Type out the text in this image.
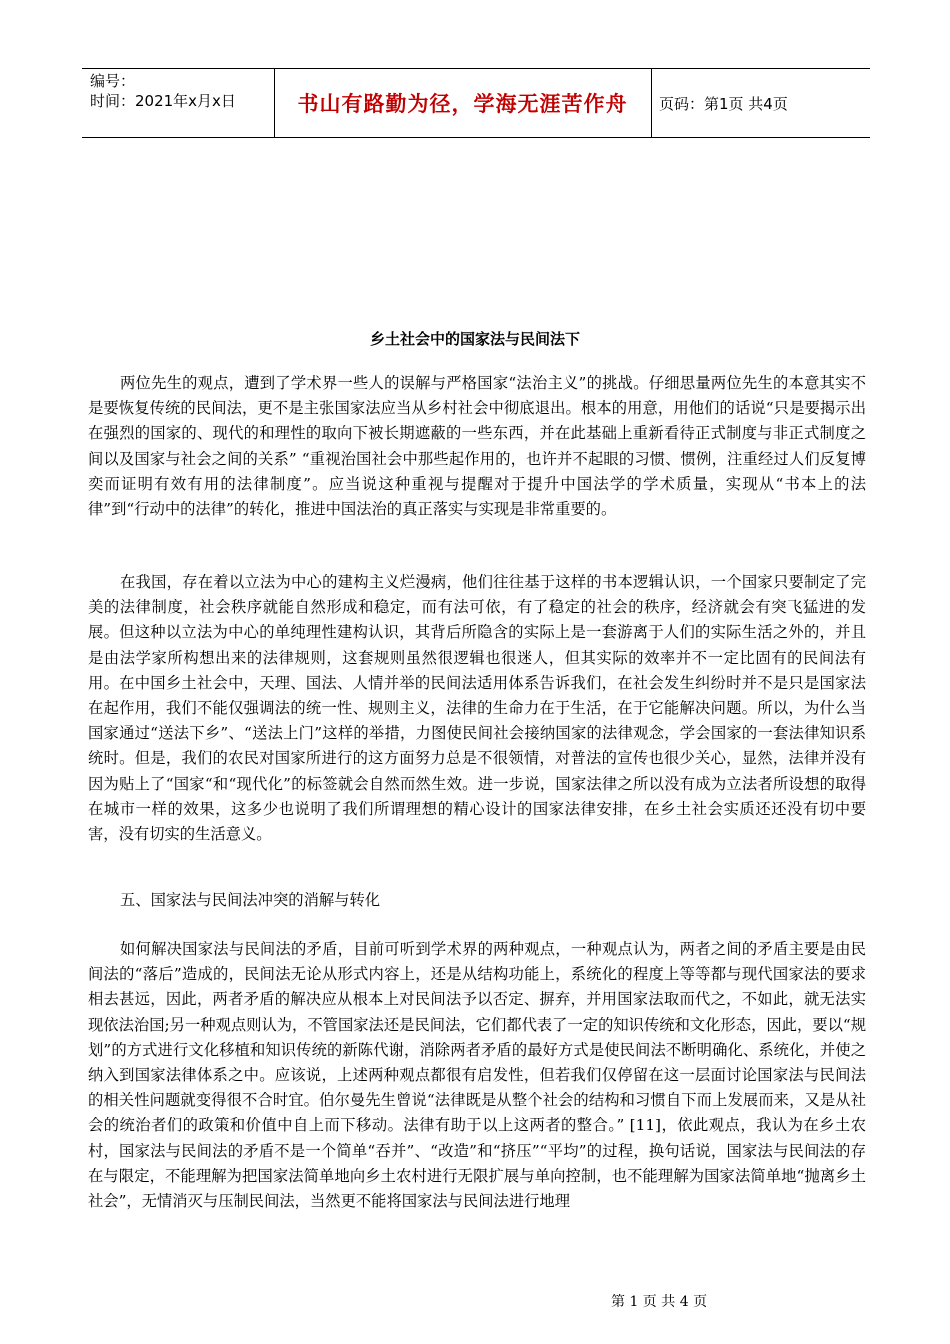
编号：
时间：2021年x月x日	书山有路勤为径，学海无涯苦作舟	页码：第1页 共4页
乡土社会中的国家法与民间法下

两位先生的观点，遭到了学术界一些人的误解与严格国家“法治主义”的挑战。仔细思量两位先生的本意其实不是要恢复传统的民间法，更不是主张国家法应当从乡村社会中彻底退出。根本的用意，用他们的话说“只是要揭示出在强烈的国家的、现代的和理性的取向下被长期遮蔽的一些东西，并在此基础上重新看待正式制度与非正式制度之间以及国家与社会之间的关系” “重视治国社会中那些起作用的，也许并不起眼的习惯、惯例，注重经过人们反复博奕而证明有效有用的法律制度”。应当说这种重视与提醒对于提升中国法学的学术质量，实现从“书本上的法律”到“行动中的法律”的转化，推进中国法治的真正落实与实现是非常重要的。

在我国，存在着以立法为中心的建构主义烂漫病，他们往往基于这样的书本逻辑认识，一个国家只要制定了完美的法律制度，社会秩序就能自然形成和稳定，而有法可依，有了稳定的社会的秩序，经济就会有突飞猛进的发展。但这种以立法为中心的单纯理性建构认识，其背后所隐含的实际上是一套游离于人们的实际生活之外的，并且是由法学家所构想出来的法律规则，这套规则虽然很逻辑也很迷人，但其实际的效率并不一定比固有的民间法有用。在中国乡土社会中，天理、国法、人情并举的民间法适用体系告诉我们，在社会发生纠纷时并不是只是国家法在起作用，我们不能仅强调法的统一性、规则主义，法律的生命力在于生活，在于它能解决问题。所以，为什么当国家通过“送法下乡”、“送法上门”这样的举措，力图使民间社会接纳国家的法律观念，学会国家的一套法律知识系统时。但是，我们的农民对国家所进行的这方面努力总是不很领情，对普法的宣传也很少关心，显然，法律并没有因为贴上了“国家“和“现代化”的标签就会自然而然生效。进一步说，国家法律之所以没有成为立法者所设想的取得在城市一样的效果，这多少也说明了我们所谓理想的精心设计的国家法律安排，在乡土社会实质还还没有切中要害，没有切实的生活意义。

五、国家法与民间法冲突的消解与转化

如何解决国家法与民间法的矛盾，目前可听到学术界的两种观点，一种观点认为，两者之间的矛盾主要是由民间法的“落后”造成的，民间法无论从形式内容上，还是从结构功能上，系统化的程度上等等都与现代国家法的要求相去甚远，因此，两者矛盾的解决应从根本上对民间法予以否定、摒弃，并用国家法取而代之，不如此，就无法实现依法治国;另一种观点则认为，不管国家法还是民间法，它们都代表了一定的知识传统和文化形态，因此，要以“规划”的方式进行文化移植和知识传统的新陈代谢，消除两者矛盾的最好方式是使民间法不断明确化、系统化，并使之纳入到国家法律体系之中。应该说，上述两种观点都很有启发性，但若我们仅停留在这一层面讨论国家法与民间法的相关性问题就变得很不合时宜。伯尔曼先生曾说“法律既是从整个社会的结构和习惯自下而上发展而来，又是从社会的统治者们的政策和价值中自上而下移动。法律有助于以上这两者的整合。” [11]，依此观点，我认为在乡土农村，国家法与民间法的矛盾不是一个简单“吞并”、“改造”和“挤压”“平均”的过程，换句话说，国家法与民间法的存在与限定，不能理解为把国家法简单地向乡土农村进行无限扩展与单向控制，也不能理解为国家法简单地“抛离乡土社会”，无情消灭与压制民间法，当然更不能将国家法与民间法进行地理

第 1 页 共 4 页
